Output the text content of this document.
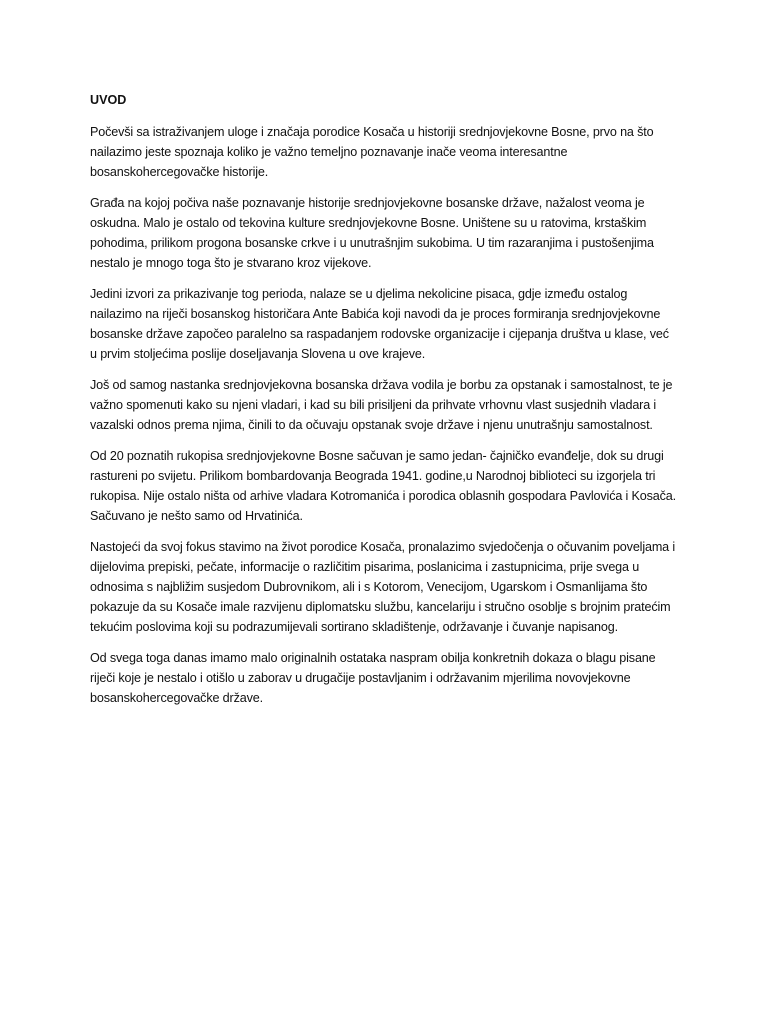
UVOD

Počevši sa istraživanjem uloge i značaja porodice Kosača u historiji srednjovjekovne Bosne, prvo na što nailazimo jeste spoznaja koliko je važno temeljno poznavanje inače veoma interesantne bosanskohercegovačke historije.

Građa na kojoj počiva naše poznavanje historije srednjovjekovne bosanske države, nažalost veoma je oskudna. Malo je ostalo od tekovina kulture srednjovjekovne Bosne. Uništene su u ratovima, krstaškim pohodima, prilikom progona bosanske crkve i u unutrašnjim sukobima. U tim razaranjima i pustošenjima nestalo je mnogo toga što je stvarano kroz vijekove.

Jedini izvori za prikazivanje tog perioda, nalaze se u djelima nekolicine pisaca, gdje između ostalog nailazimo na riječi bosanskog historičara Ante Babića koji navodi da je proces formiranja srednjovjekovne bosanske države započeo paralelno sa raspadanjem rodovske organizacije i cijepanja društva u klase, već u prvim stoljećima poslije doseljavanja Slovena u ove krajeve.

Još od samog nastanka srednjovjekovna bosanska država vodila je borbu za opstanak i samostalnost, te je važno spomenuti kako su njeni vladari, i kad su bili prisiljeni da prihvate vrhovnu vlast susjednih vladara i vazalski odnos prema njima, činili to da očuvaju opstanak svoje države i njenu unutrašnju samostalnost.

Od 20 poznatih rukopisa srednjovjekovne Bosne sačuvan je samo jedan- čajničko evanđelje, dok su drugi rastureni po svijetu. Prilikom bombardovanja Beograda 1941. godine,u Narodnoj biblioteci su izgorjela tri rukopisa. Nije ostalo ništa od arhive vladara Kotromanića i porodica oblasnih gospodara Pavlovića i Kosača. Sačuvano je nešto samo od Hrvatinića.

Nastojeći da svoj fokus stavimo na život porodice Kosača, pronalazimo svjedočenja o očuvanim poveljama i dijelovima prepiski, pečate, informacije o različitim pisarima, poslanicima i zastupnicima, prije svega u odnosima s najbližim susjedom Dubrovnikom, ali i s Kotorom, Venecijom, Ugarskom i Osmanlijama što pokazuje da su Kosače imale razvijenu diplomatsku službu, kancelariju i stručno osoblje s brojnim pratećim tekućim poslovima koji su podrazumijevali sortirano skladištenje, održavanje i čuvanje napisanog.

Od svega toga danas imamo malo originalnih ostataka naspram obilja konkretnih dokaza o blagu pisane riječi koje je nestalo i otišlo u zaborav u drugačije postavljanim i održavanim mjerilima novovjekovne bosanskohercegovačke države.
